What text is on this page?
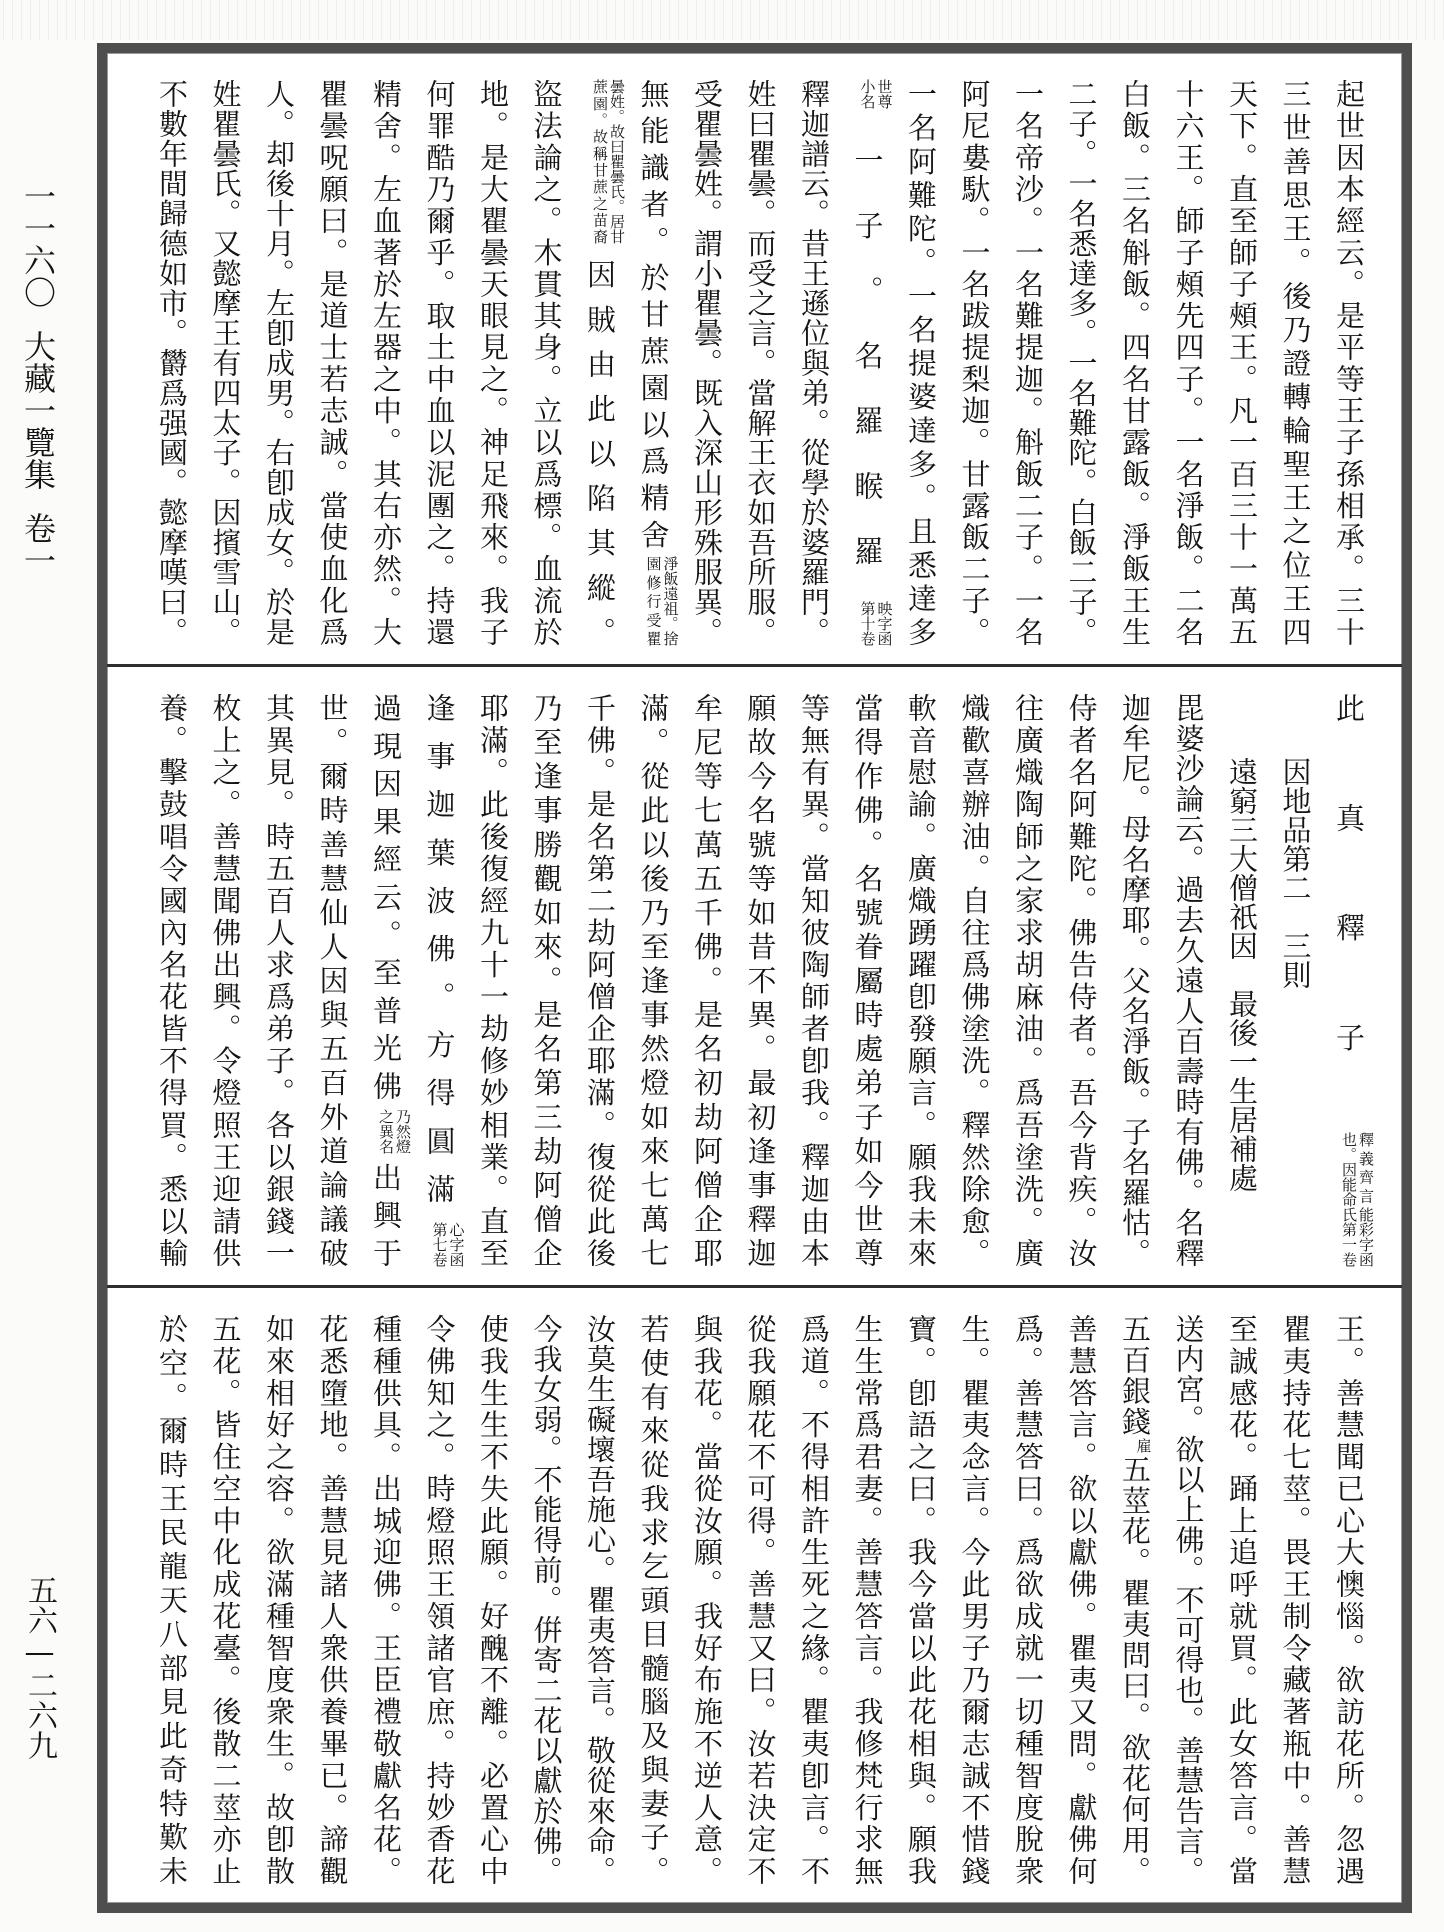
一一六〇大藏一覽集卷一
五六—二六九
起世因本經云。是平等王子孫相承。三十
三世善思王。後乃證轉輪聖王之位王四
天下。直至師子頰王。凡一百三十一萬五
十六王。師子頰先四子。一名淨飯。二名
白飯。三名斛飯。四名甘露飯。淨飯王生
二子。一名悉達多。一名難陀。白飯二子。
一名帝沙。一名難提迦。斛飯二子。一名
阿尼婁馱。一名跋提梨迦。甘露飯二子。
一名阿難陀。一名提婆達多。且悉達多
世尊
小名
一子。名羅睺羅
映字函
第十卷
釋迦譜云。昔王遜位與弟。從學於婆羅門。
姓曰瞿曇。而受之言。當解王衣如吾所服。
受瞿曇姓。謂小瞿曇。既入深山形殊服異。
無能識者。於甘蔗園以爲精舍
淨飯遠祖。捨
園修行受瞿
曇姓。故曰瞿曇氏。居甘
蔗園。故稱甘蔗之苗裔
因賊由此以陷其縱。
盜法論之。木貫其身。立以爲標。血流於
地。是大瞿曇天眼見之。神足飛來。我子
何罪酷乃爾乎。取土中血以泥團之。持還
精舍。左血著於左器之中。其右亦然。大
瞿曇呪願曰。是道士若志誠。當使血化爲
人。却後十月。左卽成男。右卽成女。於是
姓瞿曇氏。又懿摩王有四太子。因擯雪山。
不數年間歸德如市。欝爲强國。懿摩嘆曰。
此真釋子
釋義齊言能
也。因能命氏
彩字函
第一卷
因地品第二　三則
遠窮三大僧祇因　最後一生居補處
毘婆沙論云。過去久遠人百壽時有佛。名釋
迦牟尼。母名摩耶。父名淨飯。子名羅怙。
侍者名阿難陀。佛告侍者。吾今背疾。汝
往廣熾陶師之家求胡麻油。爲吾塗洗。廣
熾歡喜辦油。自往爲佛塗洗。釋然除愈。
軟音慰諭。廣熾踴躍卽發願言。願我未來
當得作佛。名號眷屬時處弟子如今世尊
等無有異。當知彼陶師者卽我。釋迦由本
願故今名號等如昔不異。最初逢事釋迦
牟尼等七萬五千佛。是名初劫阿僧企耶
滿。從此以後乃至逢事然燈如來七萬七
千佛。是名第二劫阿僧企耶滿。復從此後
乃至逢事勝觀如來。是名第三劫阿僧企
耶滿。此後復經九十一劫修妙相業。直至
逢事迦葉波佛。方得圓滿
心字函
第七卷
過現因果經云。至普光佛
乃然燈
之異名
出興于
世。爾時善慧仙人因與五百外道論議破
其異見。時五百人求爲弟子。各以銀錢一
枚上之。善慧聞佛出興。令燈照王迎請供
養。擊鼓唱令國內名花皆不得買。悉以輸
王。善慧聞已心大懊惱。欲訪花所。忽遇
瞿夷持花七莖。畏王制令藏著瓶中。善慧
至誠感花。踊上追呼就買。此女答言。當
送内宮。欲以上佛。不可得也。善慧告言。
五百銀錢
雇
五莖花。瞿夷問曰。欲花何用。
善慧答言。欲以獻佛。瞿夷又問。獻佛何
爲。善慧答曰。爲欲成就一切種智度脫衆
生。瞿夷念言。今此男子乃爾志誠不惜錢
寶。卽語之曰。我今當以此花相與。願我
生生常爲君妻。善慧答言。我修梵行求無
爲道。不得相許生死之緣。瞿夷卽言。不
從我願花不可得。善慧又曰。汝若決定不
與我花。當從汝願。我好布施不逆人意。
若使有來從我求乞頭目髓腦及與妻子。
汝莫生礙壞吾施心。瞿夷答言。敬從來命。
今我女弱。不能得前。倂寄二花以獻於佛。
使我生生不失此願。好醜不離。必置心中
令佛知之。時燈照王領諸官庶。持妙香花
種種供具。出城迎佛。王臣禮敬獻名花。
花悉墮地。善慧見諸人衆供養畢已。諦觀
如來相好之容。欲滿種智度衆生。故卽散
五花。皆住空中化成花臺。後散二莖亦止
於空。爾時王民龍天八部見此奇特歎未
